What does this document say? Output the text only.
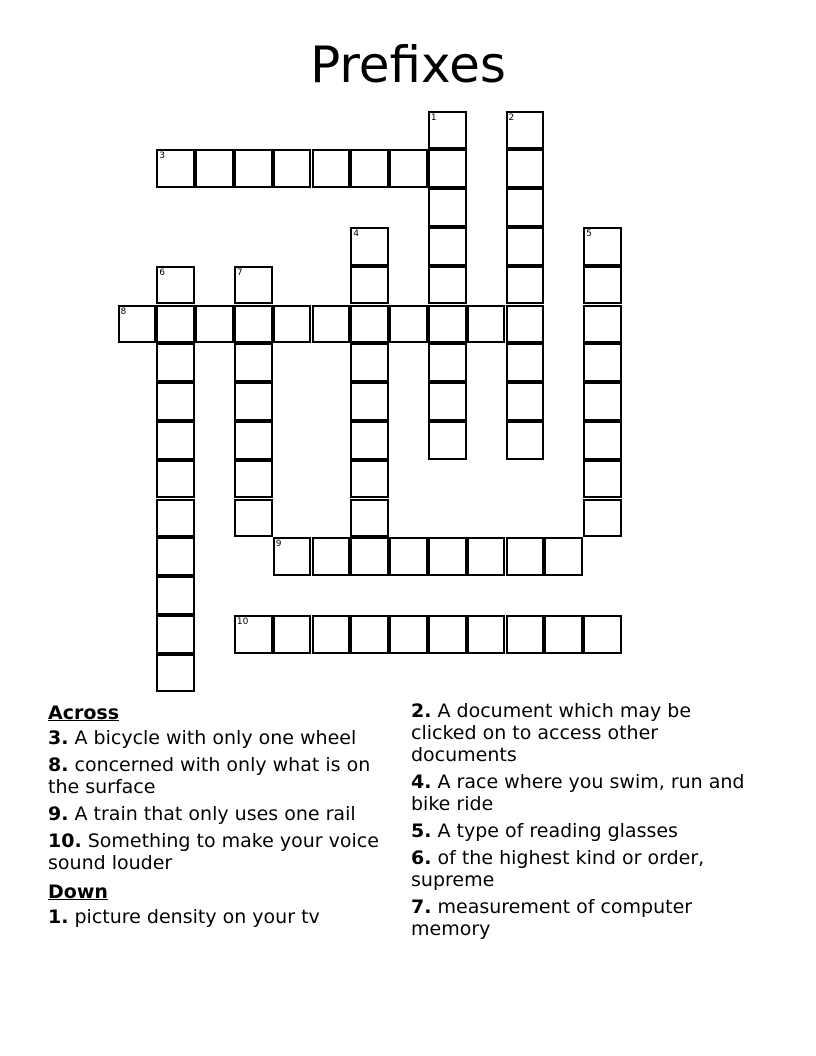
Prefixes
1	2
3
4	5
6	7
8
9
10
Across
3. A bicycle with only one wheel
8. concerned with only what is on the surface
9. A train that only uses one rail
10. Something to make your voice sound louder
Down
1. picture density on your tv
2. A document which may be clicked on to access other documents
4. A race where you swim, run and bike ride
5. A type of reading glasses
6. of the highest kind or order, supreme
7. measurement of computer memory
